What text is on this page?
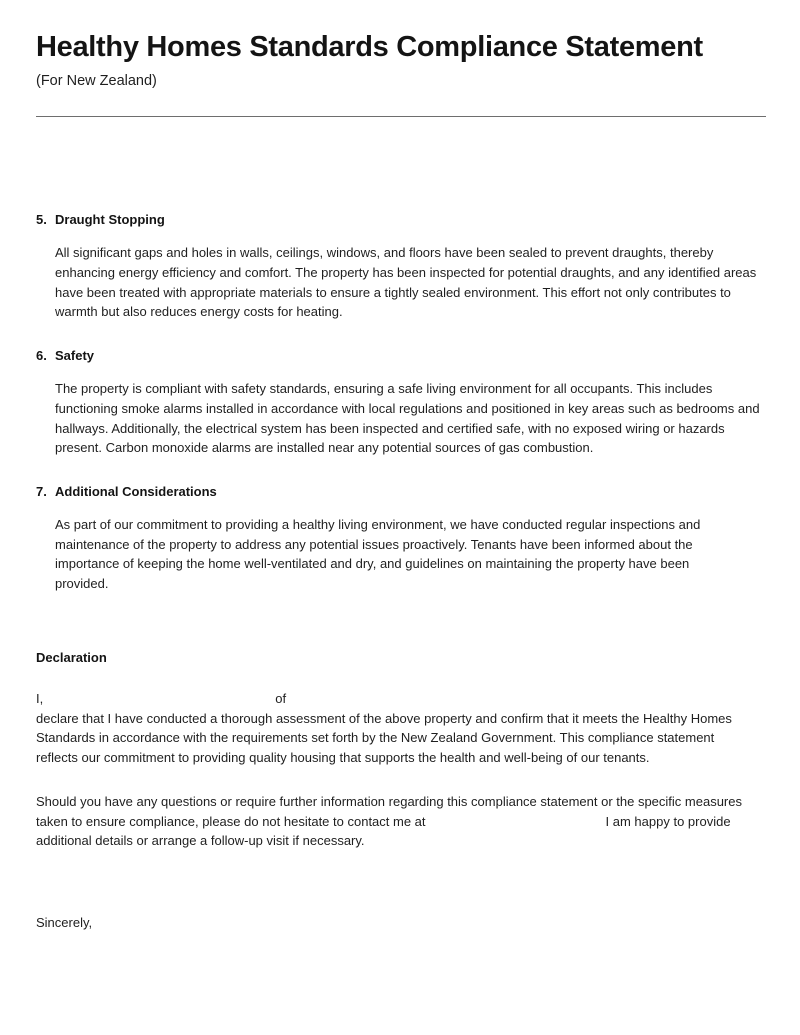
Healthy Homes Standards Compliance Statement
(For New Zealand)
5. Draught Stopping

All significant gaps and holes in walls, ceilings, windows, and floors have been sealed to prevent draughts, thereby enhancing energy efficiency and comfort. The property has been inspected for potential draughts, and any identified areas have been treated with appropriate materials to ensure a tightly sealed environment. This effort not only contributes to warmth but also reduces energy costs for heating.

6. Safety

The property is compliant with safety standards, ensuring a safe living environment for all occupants. This includes functioning smoke alarms installed in accordance with local regulations and positioned in key areas such as bedrooms and hallways. Additionally, the electrical system has been inspected and certified safe, with no exposed wiring or hazards present. Carbon monoxide alarms are installed near any potential sources of gas combustion.

7. Additional Considerations

As part of our commitment to providing a healthy living environment, we have conducted regular inspections and maintenance of the property to address any potential issues proactively. Tenants have been informed about the importance of keeping the home well-ventilated and dry, and guidelines on maintaining the property have been provided.

Declaration
I,	of

declare that I have conducted a thorough assessment of the above property and confirm that it meets the Healthy Homes Standards in accordance with the requirements set forth by the New Zealand Government. This compliance statement reflects our commitment to providing quality housing that supports the health and well-being of our tenants.

Should you have any questions or require further information regarding this compliance statement or the specific measures taken to ensure compliance, please do not hesitate to contact me at	I am happy to provide additional details or arrange a follow-up visit if necessary.

Sincerely,
